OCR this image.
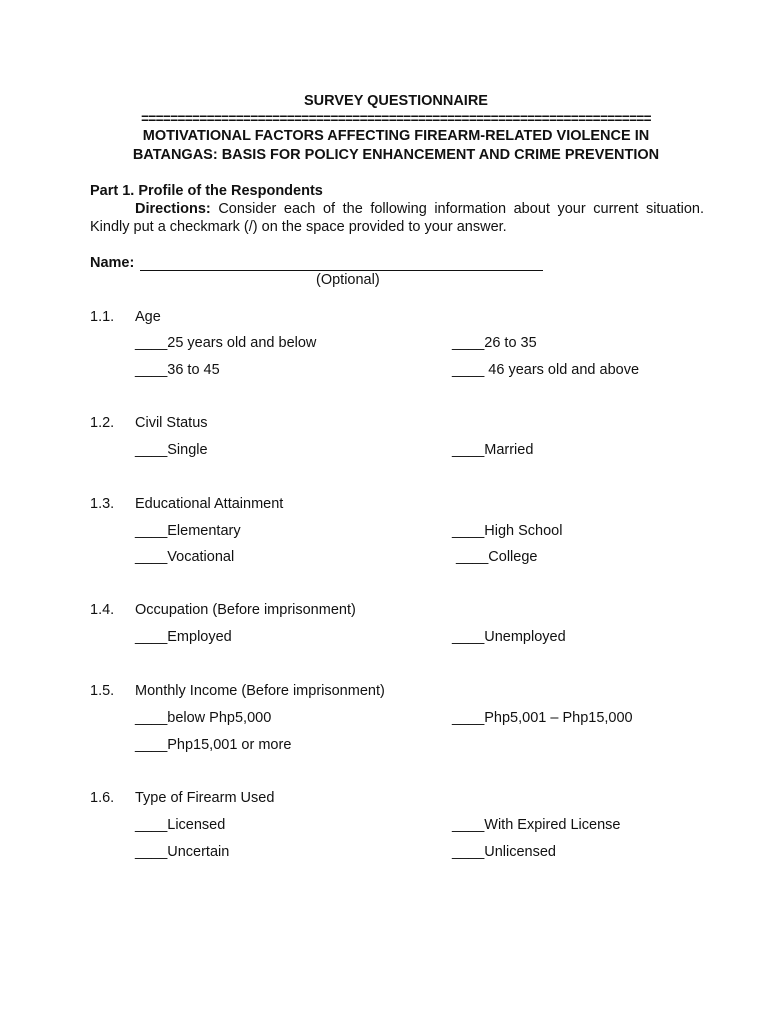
SURVEY QUESTIONNAIRE
======================================================================
MOTIVATIONAL FACTORS AFFECTING FIREARM-RELATED VIOLENCE IN
BATANGAS: BASIS FOR POLICY ENHANCEMENT AND CRIME PREVENTION
Part 1. Profile of the Respondents
Directions: Consider each of the following information about your current situation.
Kindly put a checkmark (/) on the space provided to your answer.
Name:
(Optional)
1.1. Age
____25 years old and below	____26 to 35
____36 to 45	____ 46 years old and above
1.2. Civil Status
____Single	____Married
1.3. Educational Attainment
____Elementary	____High School
____Vocational	____College
1.4. Occupation (Before imprisonment)
____Employed	____Unemployed
1.5. Monthly Income (Before imprisonment)
____below Php5,000	____Php5,001 – Php15,000
____Php15,001 or more
1.6. Type of Firearm Used
____Licensed	____With Expired License
____Uncertain	____Unlicensed
